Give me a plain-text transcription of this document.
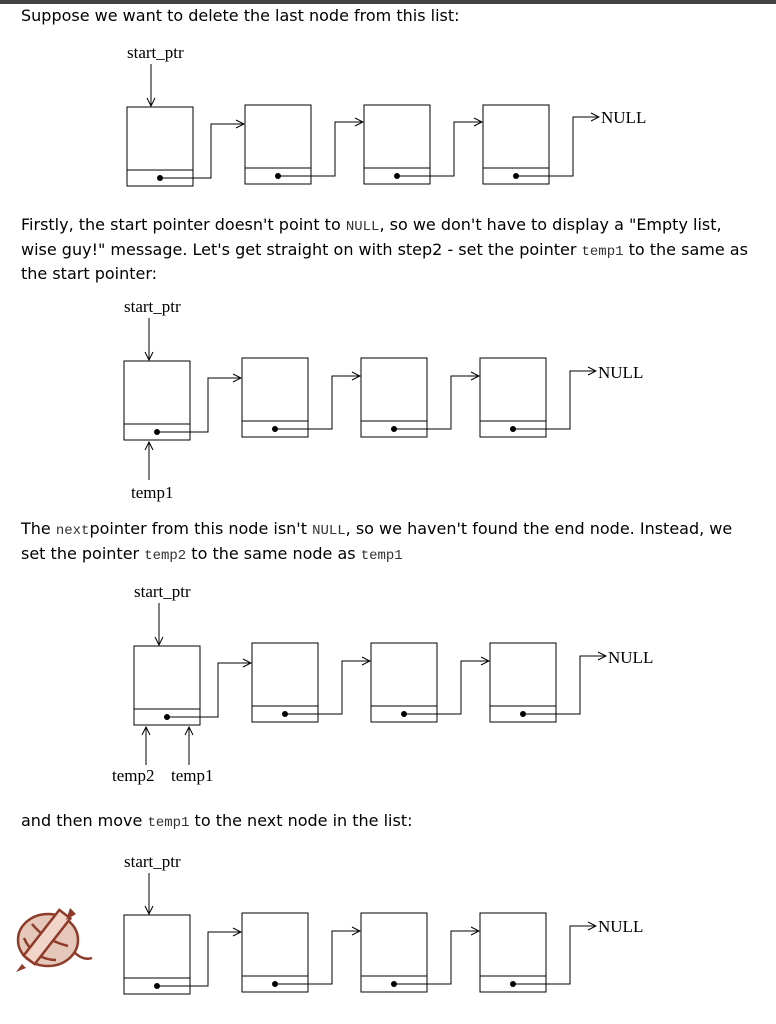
Suppose we want to delete the last node from this list:

start_ptr
NULL

Firstly, the start pointer doesn't point to NULL, so we don't have to display a "Empty list, wise guy!" message. Let's get straight on with step2 - set the pointer temp1 to the same as the start pointer:

start_ptr
NULL
temp1

The nextpointer from this node isn't NULL, so we haven't found the end node. Instead, we set the pointer temp2 to the same node as temp1

start_ptr
NULL
temp2 temp1

and then move temp1 to the next node in the list:

start_ptr
NULL
